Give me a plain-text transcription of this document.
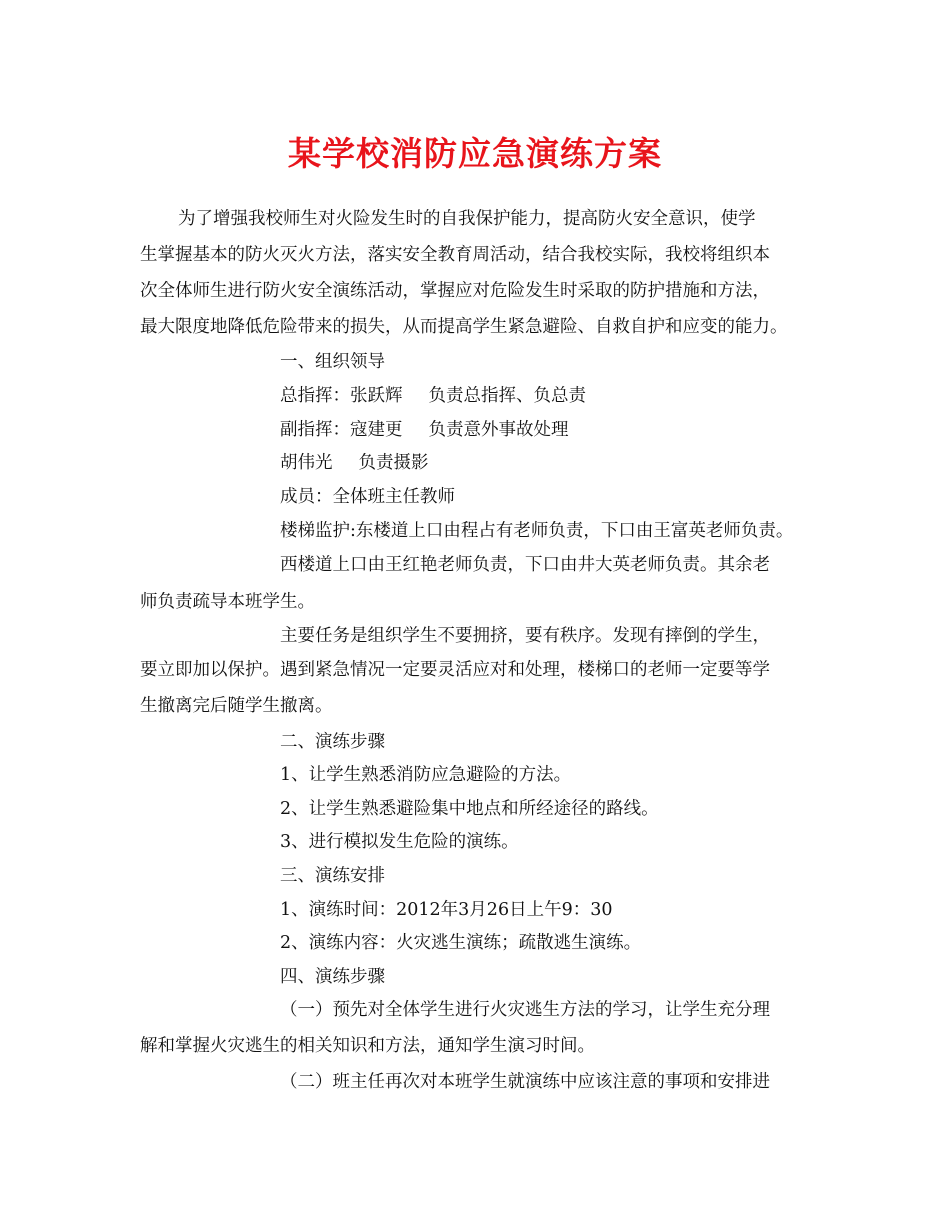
某学校消防应急演练方案
为了增强我校师生对火险发生时的自我保护能力，提高防火安全意识，使学
生掌握基本的防火灭火方法，落实安全教育周活动，结合我校实际，我校将组织本
次全体师生进行防火安全演练活动，掌握应对危险发生时采取的防护措施和方法，
最大限度地降低危险带来的损失，从而提高学生紧急避险、自救自护和应变的能力。
一、组织领导
总指挥：张跃辉 负责总指挥、负总责
副指挥：寇建更 负责意外事故处理
胡伟光 负责摄影
成员：全体班主任教师
楼梯监护:东楼道上口由程占有老师负责，下口由王富英老师负责。
西楼道上口由王红艳老师负责，下口由井大英老师负责。其余老
师负责疏导本班学生。
主要任务是组织学生不要拥挤，要有秩序。发现有摔倒的学生，
要立即加以保护。遇到紧急情况一定要灵活应对和处理，楼梯口的老师一定要等学
生撤离完后随学生撤离。
二、演练步骤
1、让学生熟悉消防应急避险的方法。
2、让学生熟悉避险集中地点和所经途径的路线。
3、进行模拟发生危险的演练。
三、演练安排
1、演练时间：2012年3月26日上午9：30
2、演练内容：火灾逃生演练；疏散逃生演练。
四、演练步骤
（一）预先对全体学生进行火灾逃生方法的学习，让学生充分理
解和掌握火灾逃生的相关知识和方法，通知学生演习时间。
（二）班主任再次对本班学生就演练中应该注意的事项和安排进
